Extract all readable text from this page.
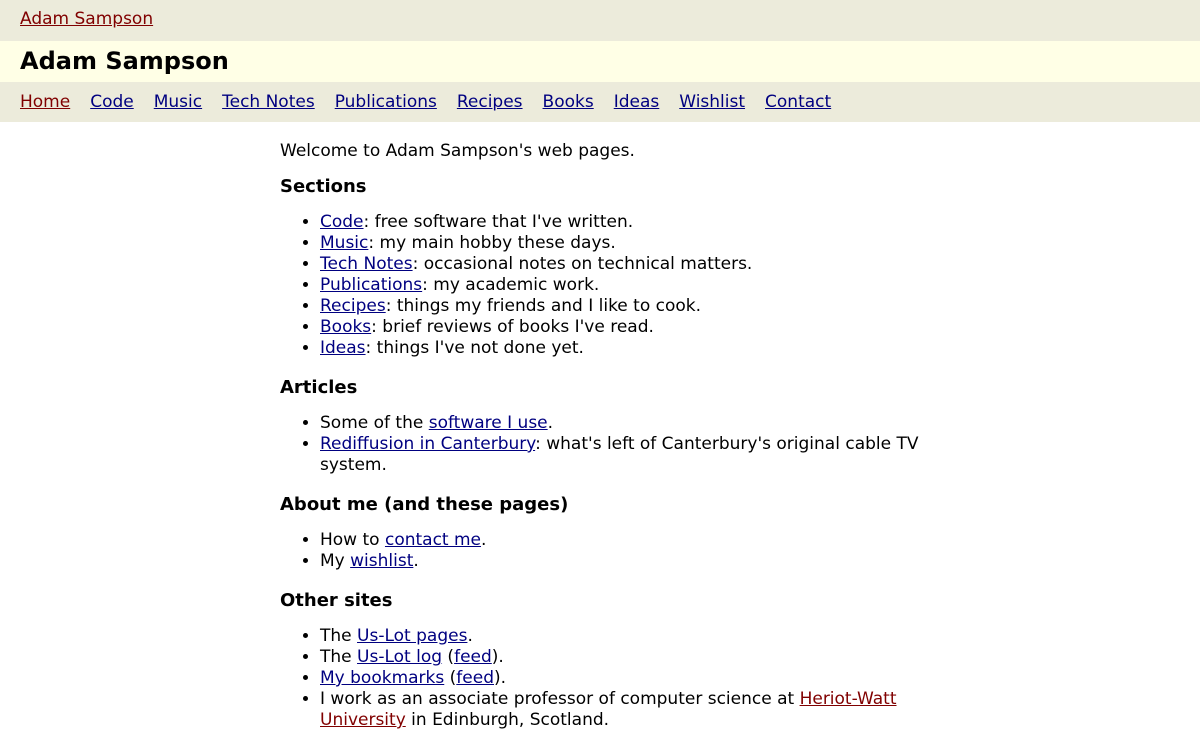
Adam Sampson
Adam Sampson
Home Code Music Tech Notes Publications Recipes Books Ideas Wishlist Contact

Welcome to Adam Sampson's web pages.

Sections
• Code: free software that I've written.
• Music: my main hobby these days.
• Tech Notes: occasional notes on technical matters.
• Publications: my academic work.
• Recipes: things my friends and I like to cook.
• Books: brief reviews of books I've read.
• Ideas: things I've not done yet.
Articles
• Some of the software I use.
• Rediffusion in Canterbury: what's left of Canterbury's original cable TV system.
About me (and these pages)
• How to contact me.
• My wishlist.
Other sites
• The Us-Lot pages.
• The Us-Lot log (feed).
• My bookmarks (feed).
• I work as an associate professor of computer science at Heriot-Watt University in Edinburgh, Scotland.
